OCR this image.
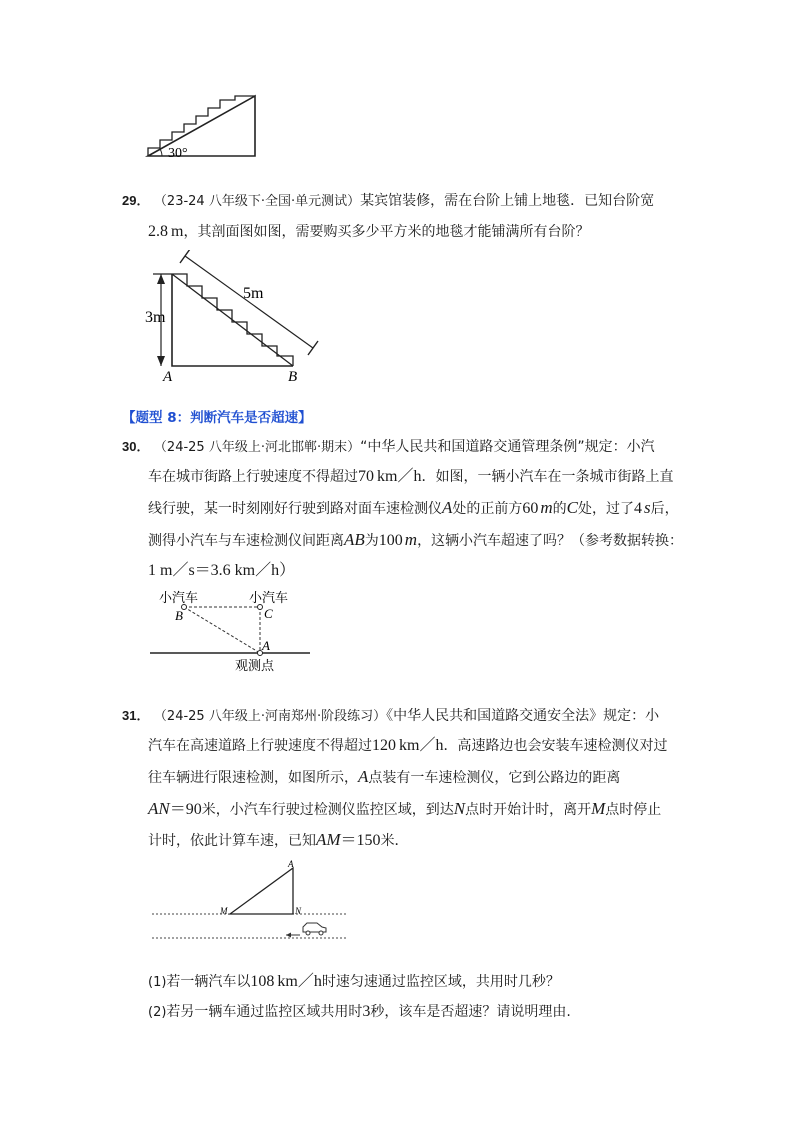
30°
29． （23-24 八年级下·全国·单元测试）某宾馆装修，需在台阶上铺上地毯．已知台阶宽
2.8 m，其剖面图如图，需要购买多少平方米的地毯才能铺满所有台阶？
3m
5m
A	B
【题型 8：判断汽车是否超速】
30． （24-25 八年级上·河北邯郸·期末）“中华人民共和国道路交通管理条例”规定：小汽
车在城市街路上行驶速度不得超过70 km／h．如图，一辆小汽车在一条城市街路上直
线行驶，某一时刻刚好行驶到路对面车速检测仪A处的正前方60 m的C处，过了4 s后，
测得小汽车与车速检测仪间距离AB为100 m，这辆小汽车超速了吗？（参考数据转换：
1 m／s＝3.6 km／h）
小汽车	小汽车
B	C
A
观测点
31． （24-25 八年级上·河南郑州·阶段练习）《中华人民共和国道路交通安全法》规定：小
汽车在高速道路上行驶速度不得超过120 km／h．高速路边也会安装车速检测仪对过
往车辆进行限速检测，如图所示，A点装有一车速检测仪，它到公路边的距离
AN＝90米，小汽车行驶过检测仪监控区域，到达N点时开始计时，离开M点时停止
计时，依此计算车速，已知AM＝150米．
A
M	N
(1)若一辆汽车以108 km／h时速匀速通过监控区域，共用时几秒？
(2)若另一辆车通过监控区域共用时3秒，该车是否超速？请说明理由.
